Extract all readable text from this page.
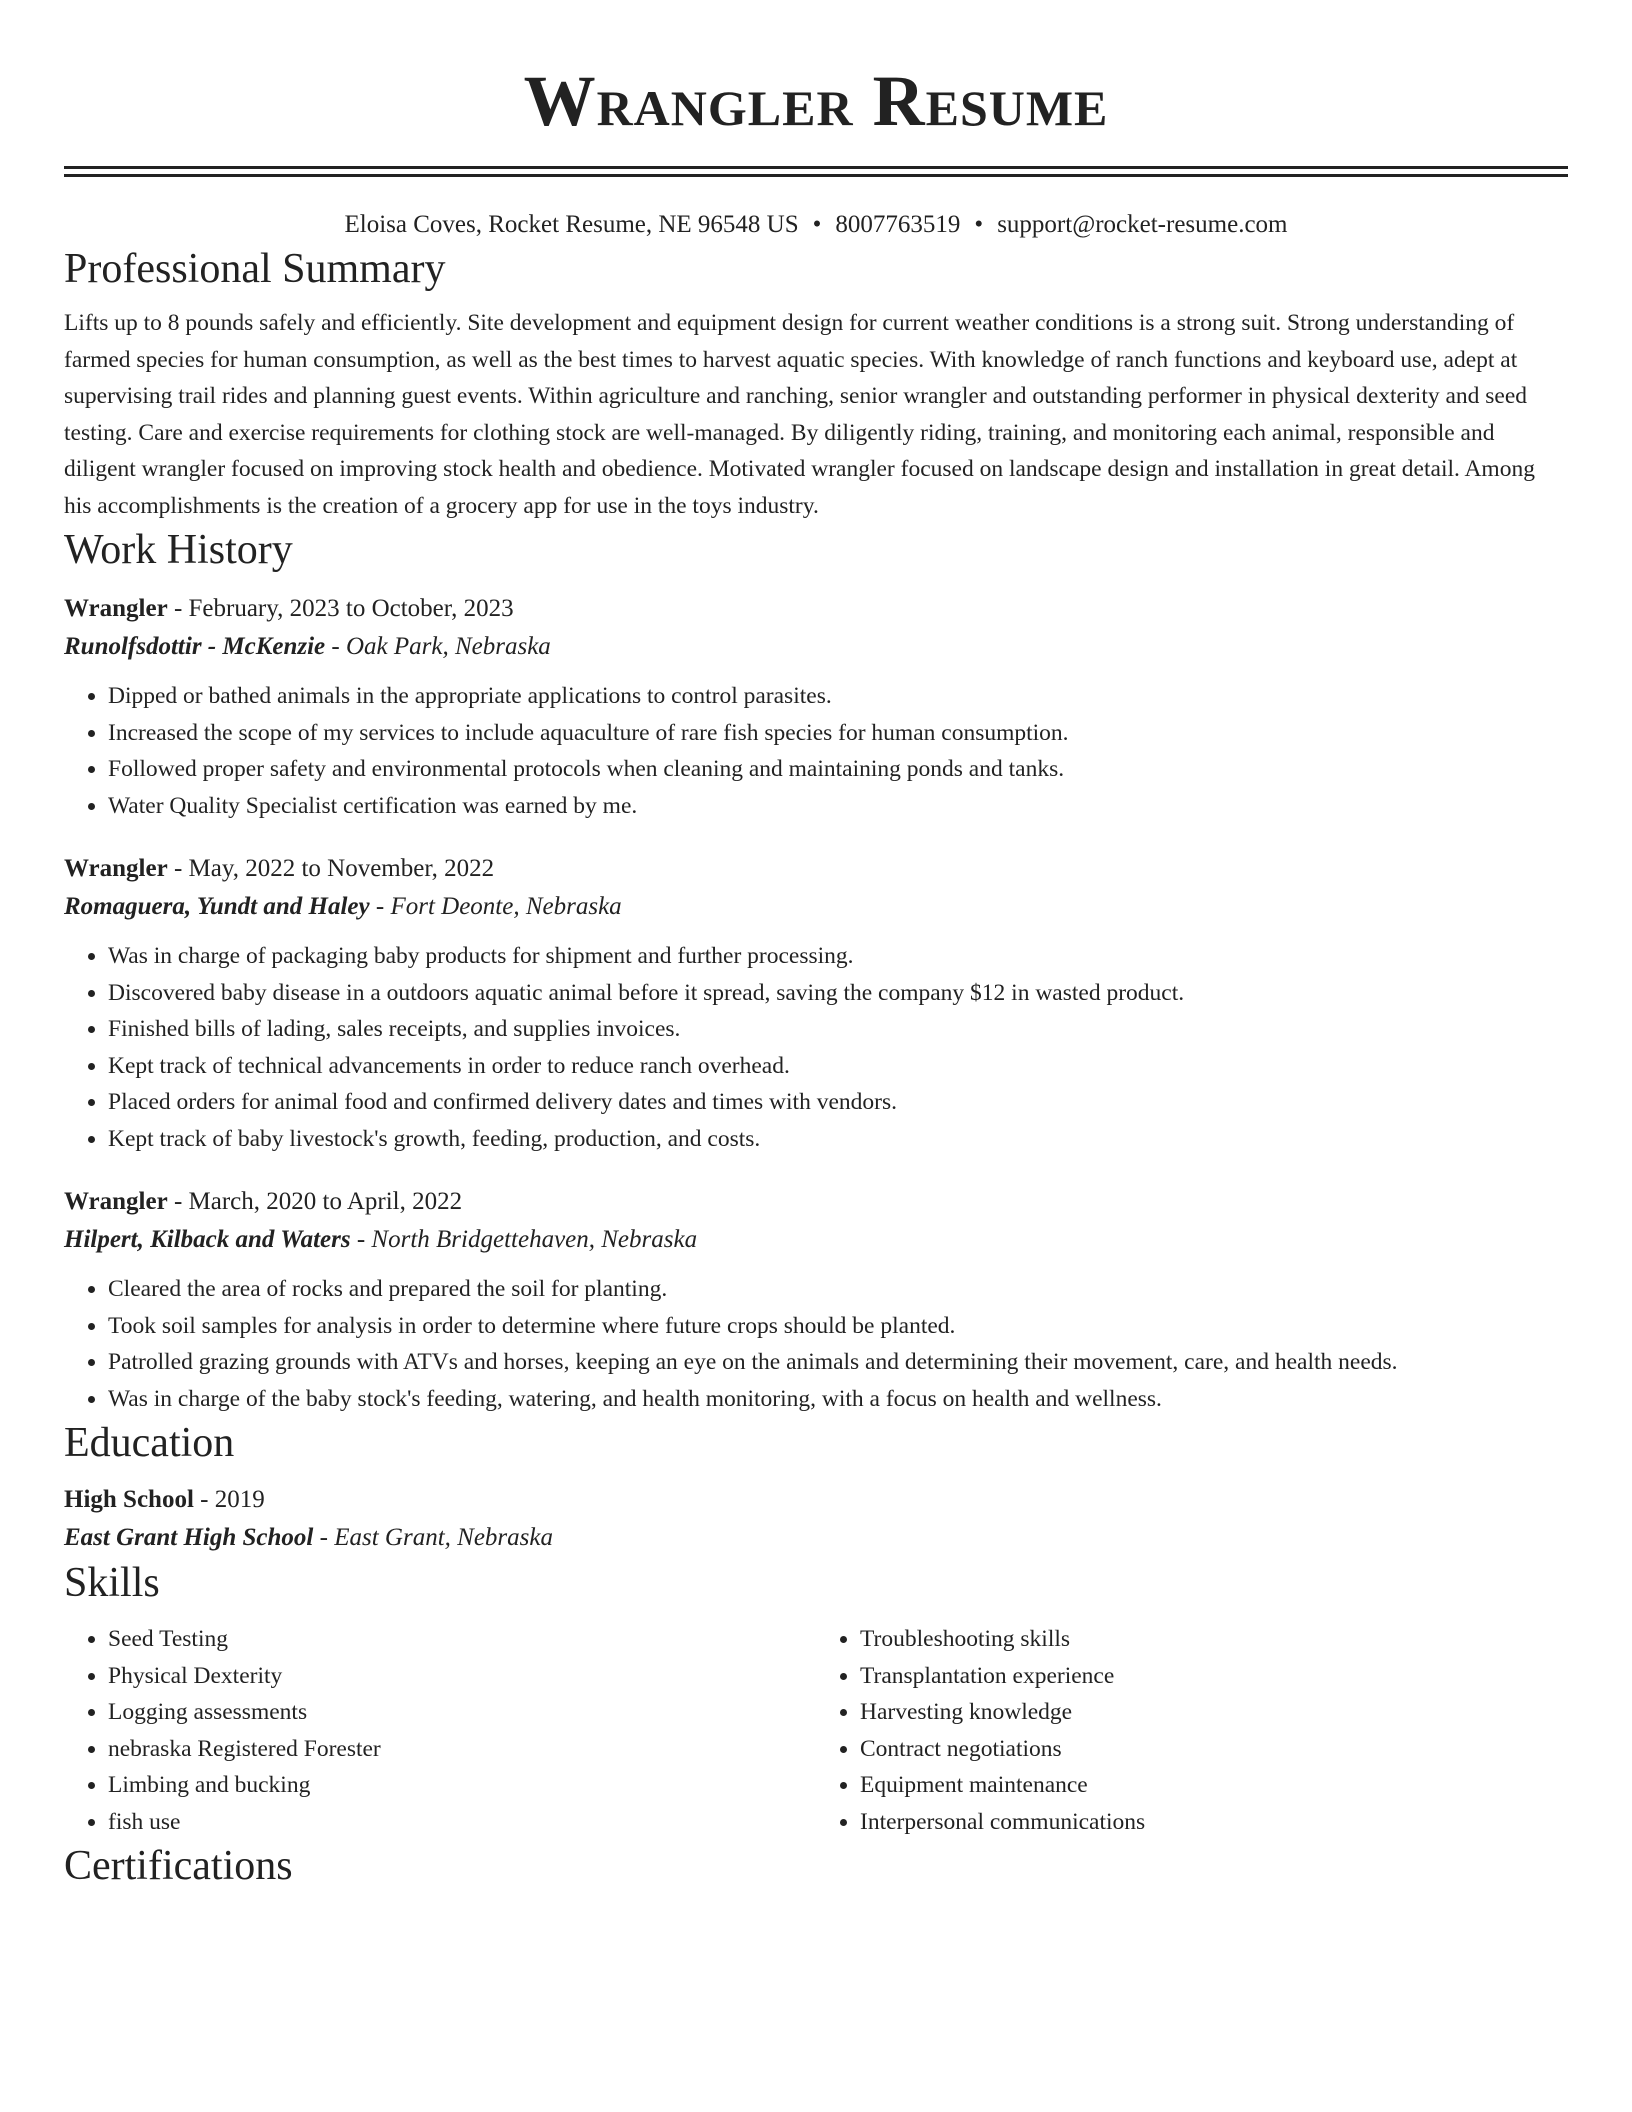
Wrangler Resume
Eloisa Coves, Rocket Resume, NE 96548 US • 8007763519 • support@rocket-resume.com
Professional Summary

Lifts up to 8 pounds safely and efficiently. Site development and equipment design for current weather conditions is a strong suit. Strong understanding of farmed species for human consumption, as well as the best times to harvest aquatic species. With knowledge of ranch functions and keyboard use, adept at supervising trail rides and planning guest events. Within agriculture and ranching, senior wrangler and outstanding performer in physical dexterity and seed testing. Care and exercise requirements for clothing stock are well-managed. By diligently riding, training, and monitoring each animal, responsible and diligent wrangler focused on improving stock health and obedience. Motivated wrangler focused on landscape design and installation in great detail. Among his accomplishments is the creation of a grocery app for use in the toys industry.

Work History
Wrangler - February, 2023 to October, 2023
Runolfsdottir - McKenzie - Oak Park, Nebraska
• Dipped or bathed animals in the appropriate applications to control parasites.
• Increased the scope of my services to include aquaculture of rare fish species for human consumption.
• Followed proper safety and environmental protocols when cleaning and maintaining ponds and tanks.
• Water Quality Specialist certification was earned by me.
Wrangler - May, 2022 to November, 2022
Romaguera, Yundt and Haley - Fort Deonte, Nebraska
• Was in charge of packaging baby products for shipment and further processing.
• Discovered baby disease in a outdoors aquatic animal before it spread, saving the company $12 in wasted product.
• Finished bills of lading, sales receipts, and supplies invoices.
• Kept track of technical advancements in order to reduce ranch overhead.
• Placed orders for animal food and confirmed delivery dates and times with vendors.
• Kept track of baby livestock's growth, feeding, production, and costs.
Wrangler - March, 2020 to April, 2022
Hilpert, Kilback and Waters - North Bridgettehaven, Nebraska
• Cleared the area of rocks and prepared the soil for planting.
• Took soil samples for analysis in order to determine where future crops should be planted.
• Patrolled grazing grounds with ATVs and horses, keeping an eye on the animals and determining their movement, care, and health needs.
• Was in charge of the baby stock's feeding, watering, and health monitoring, with a focus on health and wellness.
Education
High School - 2019
East Grant High School - East Grant, Nebraska
Skills
• Seed Testing
• Physical Dexterity
• Logging assessments
• nebraska Registered Forester
• Limbing and bucking
• fish use
• Troubleshooting skills
• Transplantation experience
• Harvesting knowledge
• Contract negotiations
• Equipment maintenance
• Interpersonal communications
Certifications
